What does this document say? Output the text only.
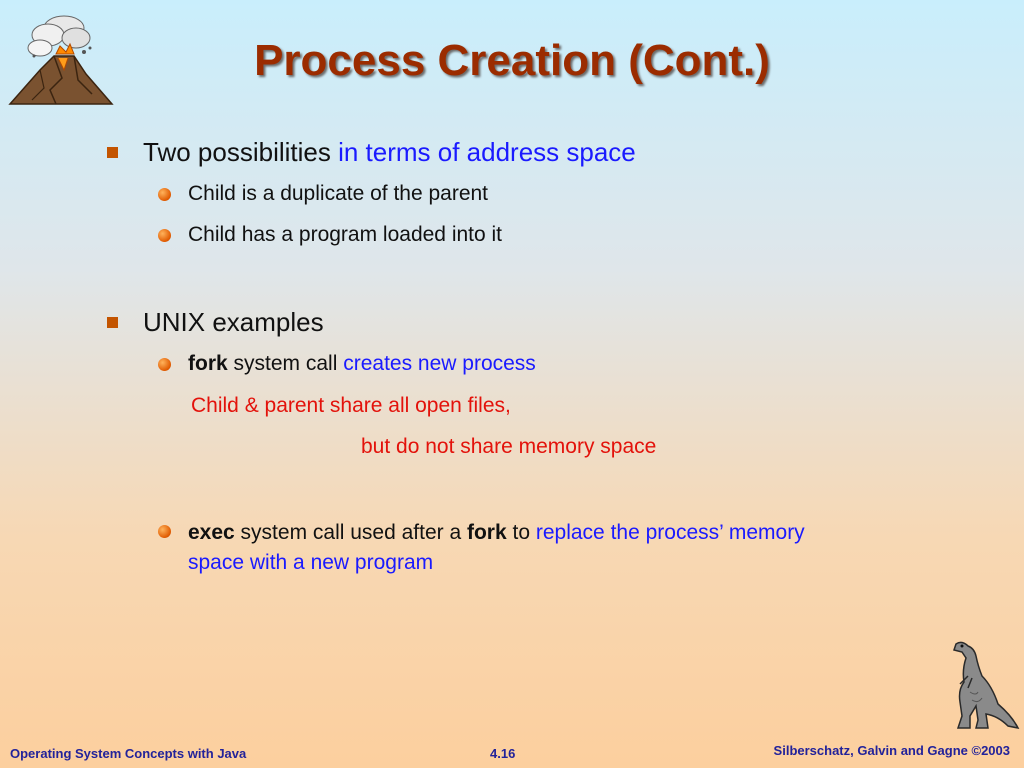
Process Creation (Cont.)
Two possibilities in terms of address space
Child is a duplicate of the parent
Child has a program loaded into it
UNIX examples
fork system call creates new process
Child & parent share all open files,
but do not share memory space
exec system call used after a fork to replace the process’ memory
space with a new program
Operating System Concepts with Java	4.16	Silberschatz, Galvin and Gagne ©2003
